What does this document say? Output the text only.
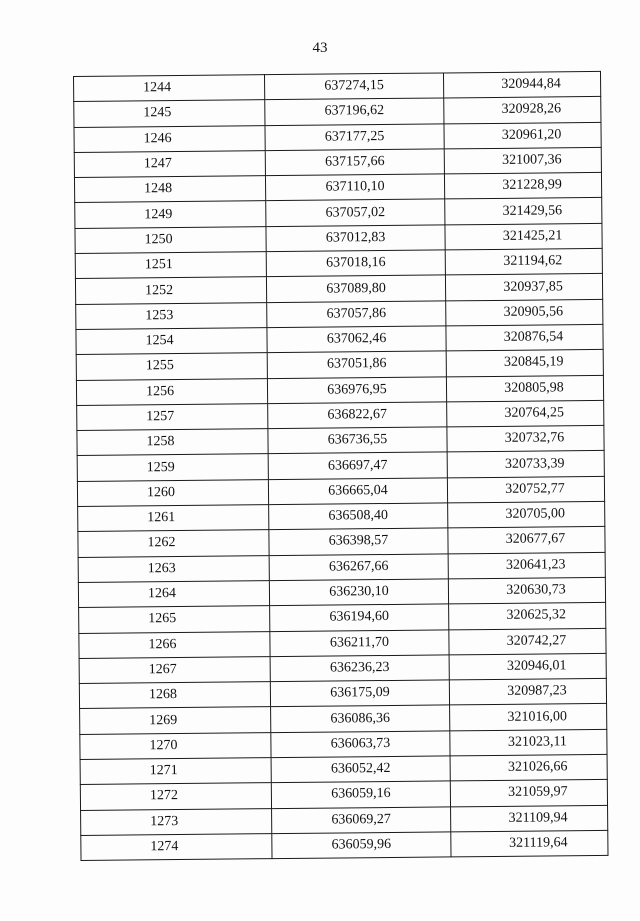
43
1244	637274,15	320944,84
1245	637196,62	320928,26
1246	637177,25	320961,20
1247	637157,66	321007,36
1248	637110,10	321228,99
1249	637057,02	321429,56
1250	637012,83	321425,21
1251	637018,16	321194,62
1252	637089,80	320937,85
1253	637057,86	320905,56
1254	637062,46	320876,54
1255	637051,86	320845,19
1256	636976,95	320805,98
1257	636822,67	320764,25
1258	636736,55	320732,76
1259	636697,47	320733,39
1260	636665,04	320752,77
1261	636508,40	320705,00
1262	636398,57	320677,67
1263	636267,66	320641,23
1264	636230,10	320630,73
1265	636194,60	320625,32
1266	636211,70	320742,27
1267	636236,23	320946,01
1268	636175,09	320987,23
1269	636086,36	321016,00
1270	636063,73	321023,11
1271	636052,42	321026,66
1272	636059,16	321059,97
1273	636069,27	321109,94
1274	636059,96	321119,64
